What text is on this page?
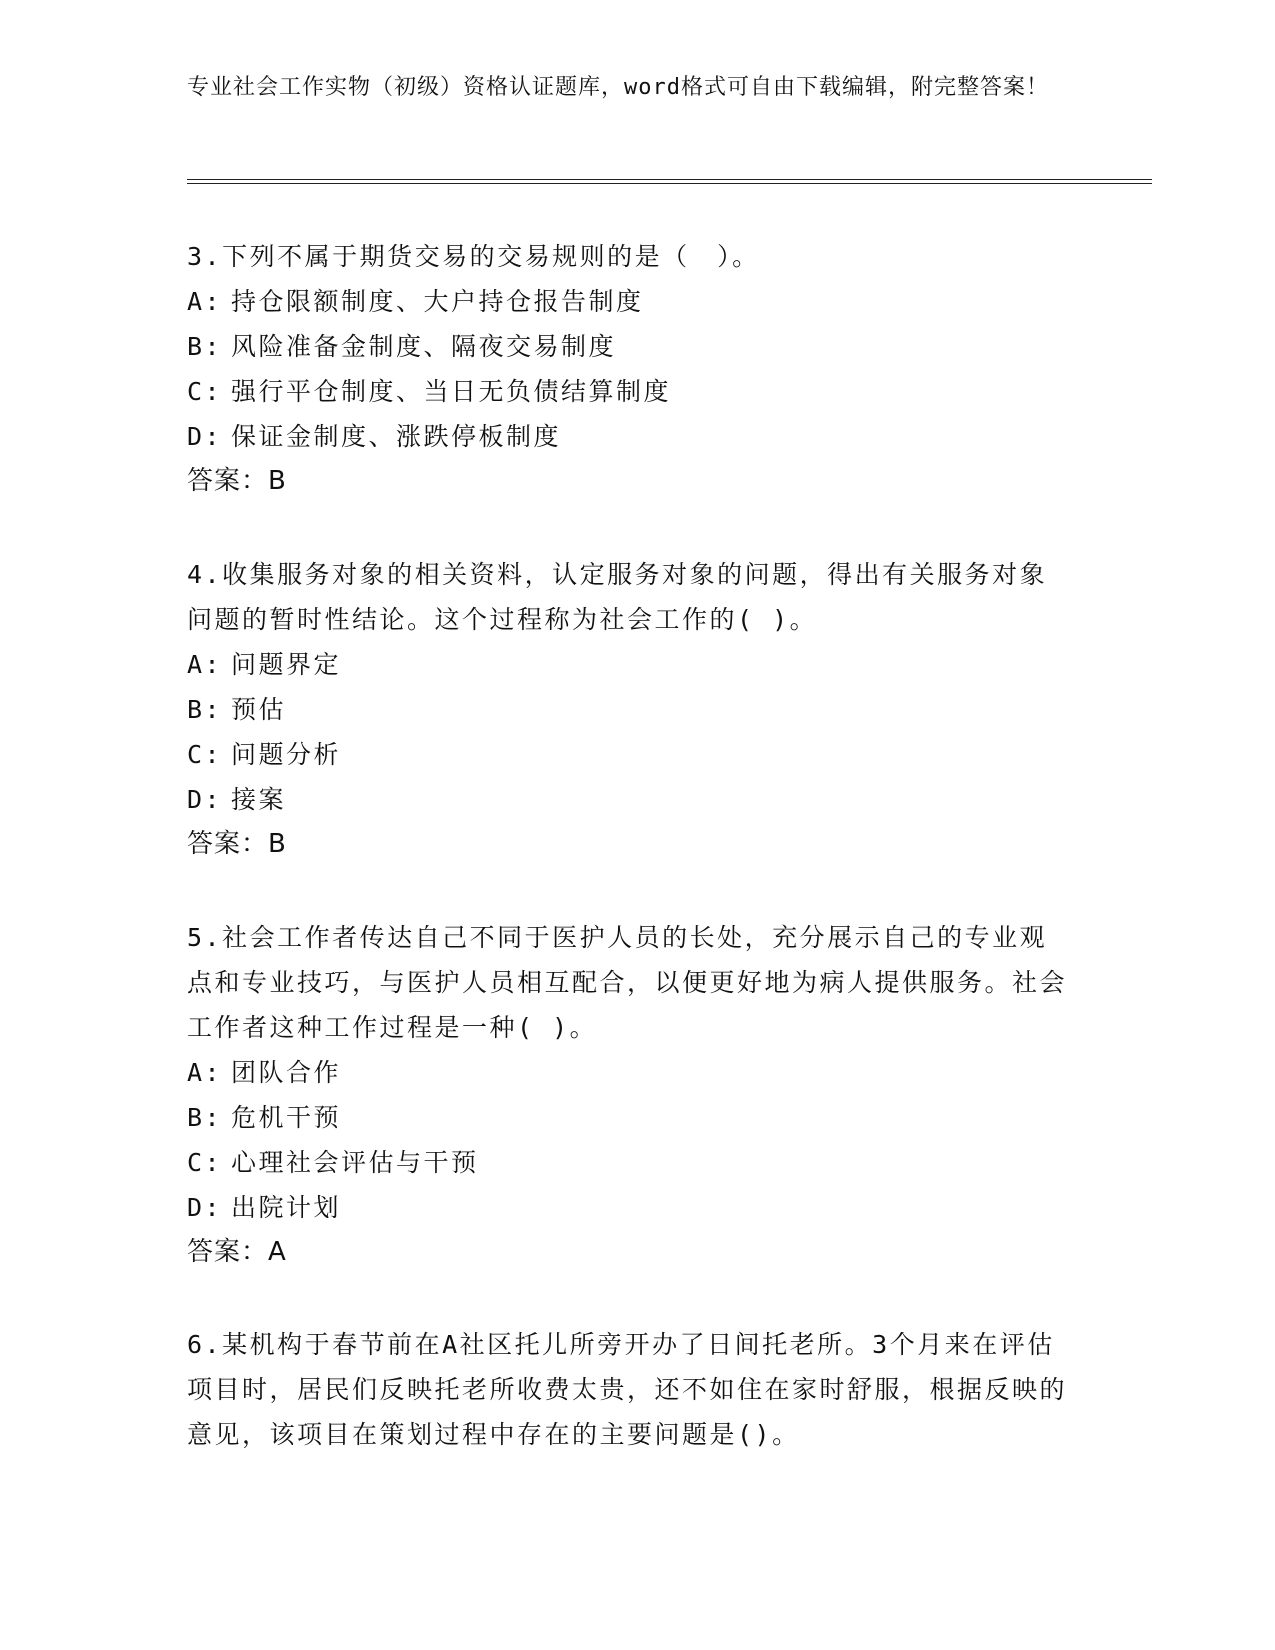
专业社会工作实物（初级）资格认证题库，word格式可自由下载编辑，附完整答案！

3.下列不属于期货交易的交易规则的是（　）。

A: 持仓限额制度、大户持仓报告制度

B: 风险准备金制度、隔夜交易制度

C: 强行平仓制度、当日无负债结算制度

D: 保证金制度、涨跌停板制度

答案：B

4.收集服务对象的相关资料，认定服务对象的问题，得出有关服务对象问题的暂时性结论。这个过程称为社会工作的( )。

A: 问题界定

B: 预估

C: 问题分析

D: 接案

答案：B

5.社会工作者传达自己不同于医护人员的长处，充分展示自己的专业观点和专业技巧，与医护人员相互配合，以便更好地为病人提供服务。社会工作者这种工作过程是一种( )。

A: 团队合作

B: 危机干预

C: 心理社会评估与干预

D: 出院计划

答案：A

6.某机构于春节前在A社区托儿所旁开办了日间托老所。3个月来在评估项目时，居民们反映托老所收费太贵，还不如住在家时舒服，根据反映的意见，该项目在策划过程中存在的主要问题是()。
